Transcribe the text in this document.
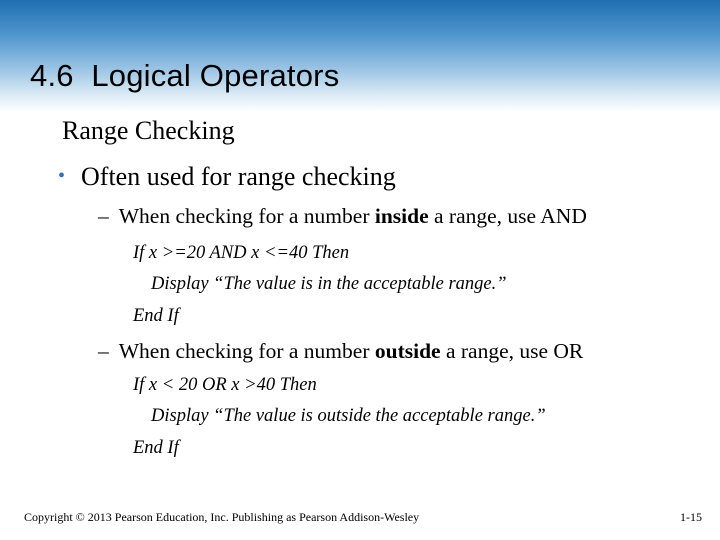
4.6  Logical Operators
Range Checking
• Often used for range checking
– When checking for a number inside a range, use AND
If x >=20 AND x <=40 Then
Display “The value is in the acceptable range.”
End If
– When checking for a number outside a range, use OR
If x < 20 OR x >40 Then
Display “The value is outside the acceptable range.”
End If
Copyright © 2013 Pearson Education, Inc. Publishing as Pearson Addison-Wesley	1-15
